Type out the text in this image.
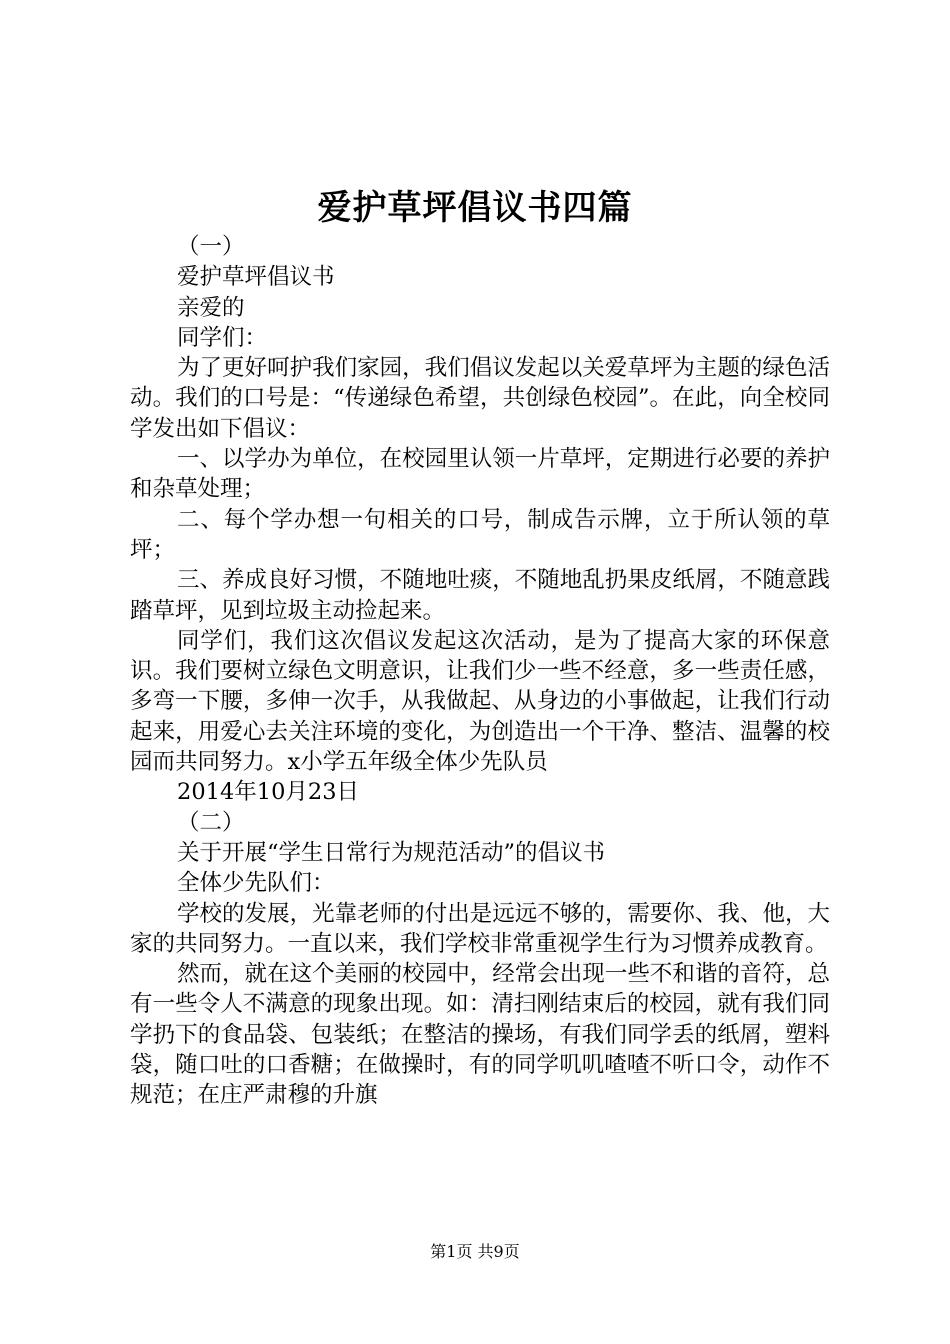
爱护草坪倡议书四篇

（一）

爱护草坪倡议书

亲爱的

同学们：

为了更好呵护我们家园，我们倡议发起以关爱草坪为主题的绿色活动。我们的口号是：“传递绿色希望，共创绿色校园”。在此，向全校同学发出如下倡议：

一、以学办为单位，在校园里认领一片草坪，定期进行必要的养护和杂草处理；

二、每个学办想一句相关的口号，制成告示牌，立于所认领的草坪；

三、养成良好习惯，不随地吐痰，不随地乱扔果皮纸屑，不随意践踏草坪，见到垃圾主动捡起来。

同学们，我们这次倡议发起这次活动，是为了提高大家的环保意识。我们要树立绿色文明意识，让我们少一些不经意，多一些责任感，多弯一下腰，多伸一次手，从我做起、从身边的小事做起，让我们行动起来，用爱心去关注环境的变化，为创造出一个干净、整洁、温馨的校园而共同努力。x小学五年级全体少先队员

2014年10月23日

（二）

关于开展“学生日常行为规范活动”的倡议书

全体少先队们：

学校的发展，光靠老师的付出是远远不够的，需要你、我、他，大家的共同努力。一直以来，我们学校非常重视学生行为习惯养成教育。

然而，就在这个美丽的校园中，经常会出现一些不和谐的音符，总有一些令人不满意的现象出现。如：清扫刚结束后的校园，就有我们同学扔下的食品袋、包装纸；在整洁的操场，有我们同学丢的纸屑，塑料袋，随口吐的口香糖；在做操时，有的同学叽叽喳喳不听口令，动作不规范；在庄严肃穆的升旗

第1页 共9页
